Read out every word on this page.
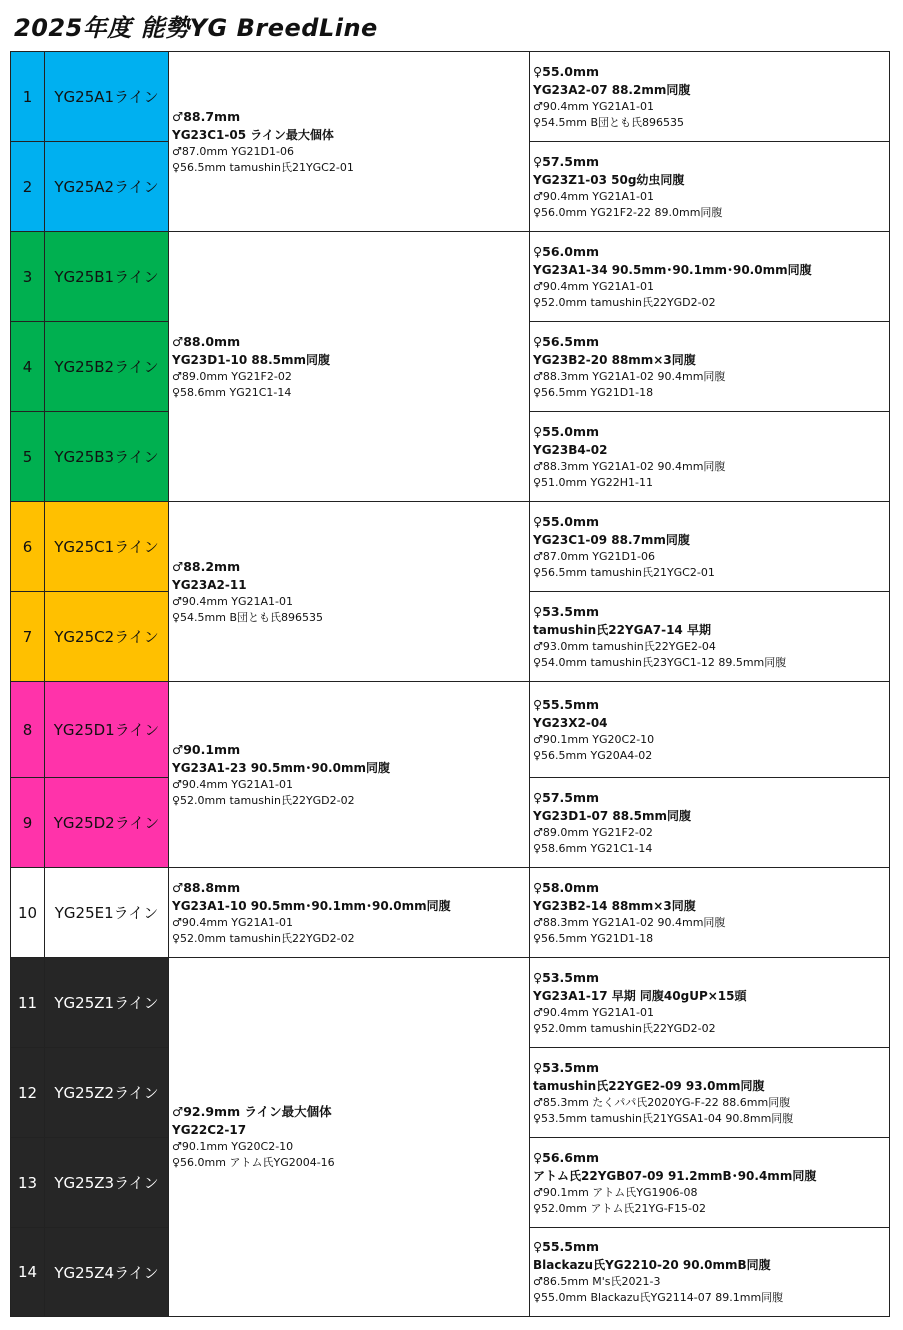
2025年度 能勢YG BreedLine
1
2
3
4
5
6
7
8
9
10
11
12
13
14
YG25A1ライン
YG25A2ライン
YG25B1ライン
YG25B2ライン
YG25B3ライン
YG25C1ライン
YG25C2ライン
YG25D1ライン
YG25D2ライン
YG25E1ライン
YG25Z1ライン
YG25Z2ライン
YG25Z3ライン
YG25Z4ライン
♂88.7mm
YG23C1-05 ライン最大個体
♂87.0mm YG21D1-06
♀56.5mm tamushin氏21YGC2-01
♂88.0mm
YG23D1-10 88.5mm同腹
♂89.0mm YG21F2-02
♀58.6mm YG21C1-14
♂88.2mm
YG23A2-11
♂90.4mm YG21A1-01
♀54.5mm B団とも氏896535
♂90.1mm
YG23A1-23 90.5mm･90.0mm同腹
♂90.4mm YG21A1-01
♀52.0mm tamushin氏22YGD2-02
♂88.8mm
YG23A1-10 90.5mm･90.1mm･90.0mm同腹
♂90.4mm YG21A1-01
♀52.0mm tamushin氏22YGD2-02
♂92.9mm ライン最大個体
YG22C2-17
♂90.1mm YG20C2-10
♀56.0mm アトム氏YG2004-16
♀55.0mm
YG23A2-07 88.2mm同腹
♂90.4mm YG21A1-01
♀54.5mm B団とも氏896535
♀57.5mm
YG23Z1-03 50g幼虫同腹
♂90.4mm YG21A1-01
♀56.0mm YG21F2-22 89.0mm同腹
♀56.0mm
YG23A1-34 90.5mm･90.1mm･90.0mm同腹
♂90.4mm YG21A1-01
♀52.0mm tamushin氏22YGD2-02
♀56.5mm
YG23B2-20 88mm×3同腹
♂88.3mm YG21A1-02 90.4mm同腹
♀56.5mm YG21D1-18
♀55.0mm
YG23B4-02
♂88.3mm YG21A1-02 90.4mm同腹
♀51.0mm YG22H1-11
♀55.0mm
YG23C1-09 88.7mm同腹
♂87.0mm YG21D1-06
♀56.5mm tamushin氏21YGC2-01
♀53.5mm
tamushin氏22YGA7-14 早期
♂93.0mm tamushin氏22YGE2-04
♀54.0mm tamushin氏23YGC1-12 89.5mm同腹
♀55.5mm
YG23X2-04
♂90.1mm YG20C2-10
♀56.5mm YG20A4-02
♀57.5mm
YG23D1-07 88.5mm同腹
♂89.0mm YG21F2-02
♀58.6mm YG21C1-14
♀58.0mm
YG23B2-14 88mm×3同腹
♂88.3mm YG21A1-02 90.4mm同腹
♀56.5mm YG21D1-18
♀53.5mm
YG23A1-17 早期 同腹40gUP×15頭
♂90.4mm YG21A1-01
♀52.0mm tamushin氏22YGD2-02
♀53.5mm
tamushin氏22YGE2-09 93.0mm同腹
♂85.3mm たくパパ氏2020YG-F-22 88.6mm同腹
♀53.5mm tamushin氏21YGSA1-04 90.8mm同腹
♀56.6mm
アトム氏22YGB07-09 91.2mmB･90.4mm同腹
♂90.1mm アトム氏YG1906-08
♀52.0mm アトム氏21YG-F15-02
♀55.5mm
Blackazu氏YG2210-20 90.0mmB同腹
♂86.5mm M's氏2021-3
♀55.0mm Blackazu氏YG2114-07 89.1mm同腹
